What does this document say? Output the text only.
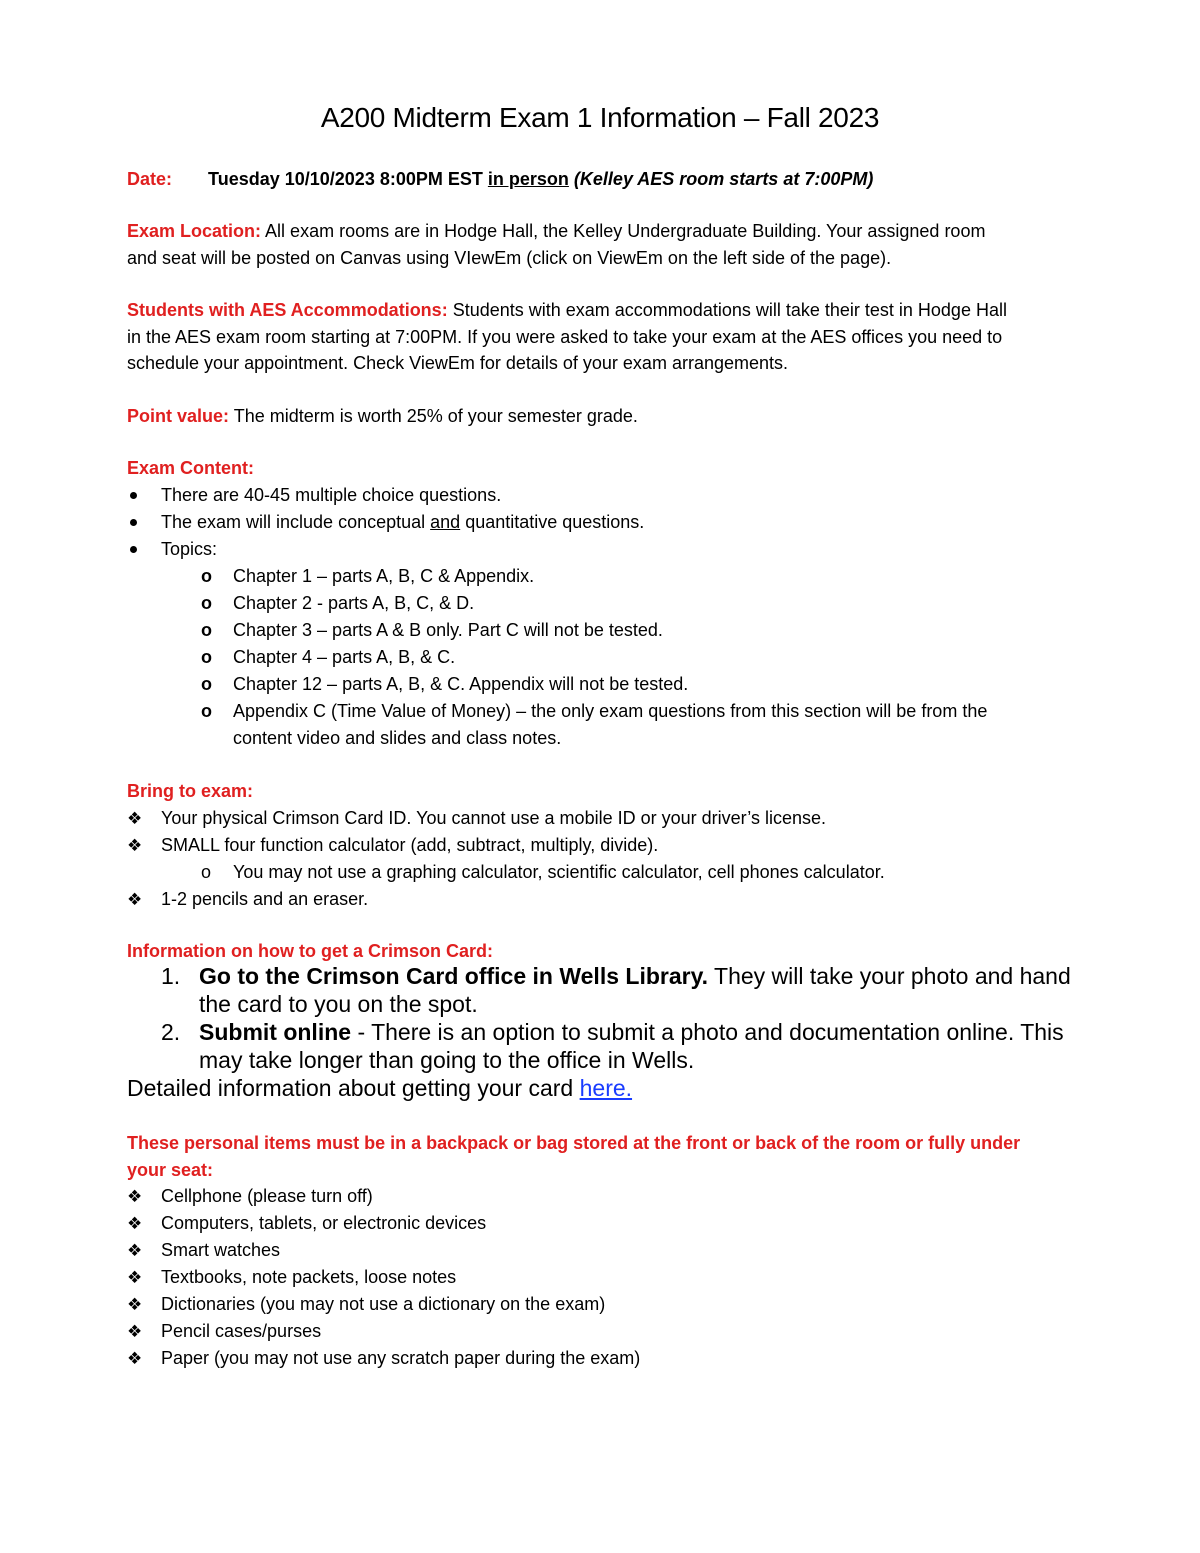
A200 Midterm Exam 1 Information – Fall 2023
Date: Tuesday 10/10/2023 8:00PM EST in person (Kelley AES room starts at 7:00PM)
Exam Location: All exam rooms are in Hodge Hall, the Kelley Undergraduate Building. Your assigned room
and seat will be posted on Canvas using VIewEm (click on ViewEm on the left side of the page).
Students with AES Accommodations: Students with exam accommodations will take their test in Hodge Hall
in the AES exam room starting at 7:00PM. If you were asked to take your exam at the AES offices you need to
schedule your appointment. Check ViewEm for details of your exam arrangements.
Point value: The midterm is worth 25% of your semester grade.
Exam Content:
There are 40-45 multiple choice questions.
The exam will include conceptual and quantitative questions.
Topics:
o	Chapter 1 – parts A, B, C & Appendix.
o	Chapter 2 - parts A, B, C, & D.
o	Chapter 3 – parts A & B only. Part C will not be tested.
o	Chapter 4 – parts A, B, & C.
o	Chapter 12 – parts A, B, & C. Appendix will not be tested.
o	Appendix C (Time Value of Money) – the only exam questions from this section will be from the
content video and slides and class notes.
Bring to exam:
❖ Your physical Crimson Card ID. You cannot use a mobile ID or your driver’s license.
❖ SMALL four function calculator (add, subtract, multiply, divide).
o	You may not use a graphing calculator, scientific calculator, cell phones calculator.
❖ 1-2 pencils and an eraser.
Information on how to get a Crimson Card:
1. Go to the Crimson Card office in Wells Library. They will take your photo and hand the card to you on the spot.
2. Submit online - There is an option to submit a photo and documentation online. This may take longer than going to the office in Wells.
Detailed information about getting your card here.
These personal items must be in a backpack or bag stored at the front or back of the room or fully under
your seat:
❖ Cellphone (please turn off)
❖ Computers, tablets, or electronic devices
❖ Smart watches
❖ Textbooks, note packets, loose notes
❖ Dictionaries (you may not use a dictionary on the exam)
❖ Pencil cases/purses
❖ Paper (you may not use any scratch paper during the exam)
